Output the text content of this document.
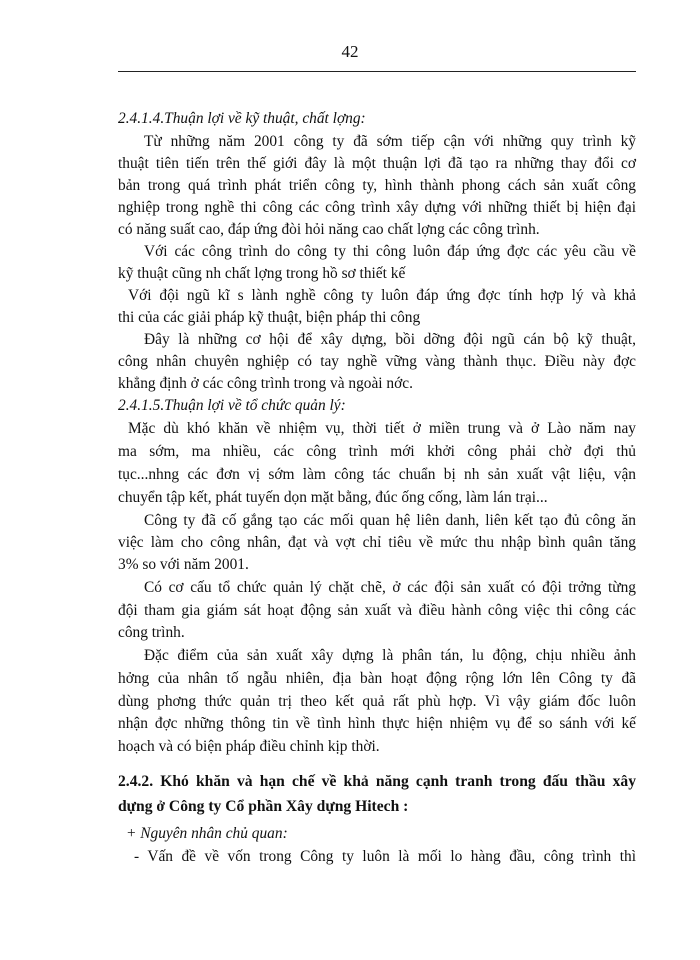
42
2.4.1.4.Thuận lợi về kỹ thuật, chất lợng:
Từ những năm 2001 công ty đã sớm tiếp cận với những quy trình kỹ
thuật tiên tiến trên thế giới đây là một thuận lợi đã tạo ra những thay đổi cơ
bản trong quá trình phát triển công ty, hình thành phong cách sản xuất công
nghiệp trong nghề thi công các công trình xây dựng với những thiết bị hiện đại
có năng suất cao, đáp ứng đòi hỏi năng cao chất lợng các công trình.
Với các công trình do công ty thi công luôn đáp ứng đợc các yêu cầu về
kỹ thuật cũng nh chất lợng trong hồ sơ thiết kế
Với đội ngũ kĩ s lành nghề công ty luôn đáp ứng đợc tính hợp lý và khả
thi của các giải pháp kỹ thuật, biện pháp thi công
Đây là những cơ hội để xây dựng, bồi dỡng đội ngũ cán bộ kỹ thuật,
công nhân chuyên nghiệp có tay nghề vững vàng thành thục. Điều này đợc
khẳng định ở các công trình trong và ngoài nớc.
2.4.1.5.Thuận lợi về tổ chức quản lý:
Mặc dù khó khăn về nhiệm vụ, thời tiết ở miền trung và ở Lào năm nay
ma sớm, ma nhiều, các công trình mới khởi công phải chờ đợi thủ
tục...nhng các đơn vị sớm làm công tác chuẩn bị nh sản xuất vật liệu, vận
chuyển tập kết, phát tuyến dọn mặt bằng, đúc ống cống, làm lán trại...
Công ty đã cố gắng tạo các mối quan hệ liên danh, liên kết tạo đủ công ăn
việc làm cho công nhân, đạt và vợt chỉ tiêu về mức thu nhập bình quân tăng
3% so với năm 2001.
Có cơ cấu tổ chức quản lý chặt chẽ, ở các đội sản xuất có đội trởng từng
đội tham gia giám sát hoạt động sản xuất và điều hành công việc thi công các
công trình.
Đặc điểm của sản xuất xây dựng là phân tán, lu động, chịu nhiều ảnh
hởng của nhân tố ngẫu nhiên, địa bàn hoạt động rộng lớn lên Công ty đã
dùng phơng thức quản trị theo kết quả rất phù hợp. Vì vậy giám đốc luôn
nhận đợc những thông tin về tình hình thực hiện nhiệm vụ để so sánh với kế
hoạch và có biện pháp điều chỉnh kịp thời.
2.4.2. Khó khăn và hạn chế về khả năng cạnh tranh trong đấu thầu xây
dựng ở Công ty Cổ phần Xây dựng Hitech :
+ Nguyên nhân chủ quan:
- Vấn đề về vốn trong Công ty luôn là mối lo hàng đầu, công trình thì
